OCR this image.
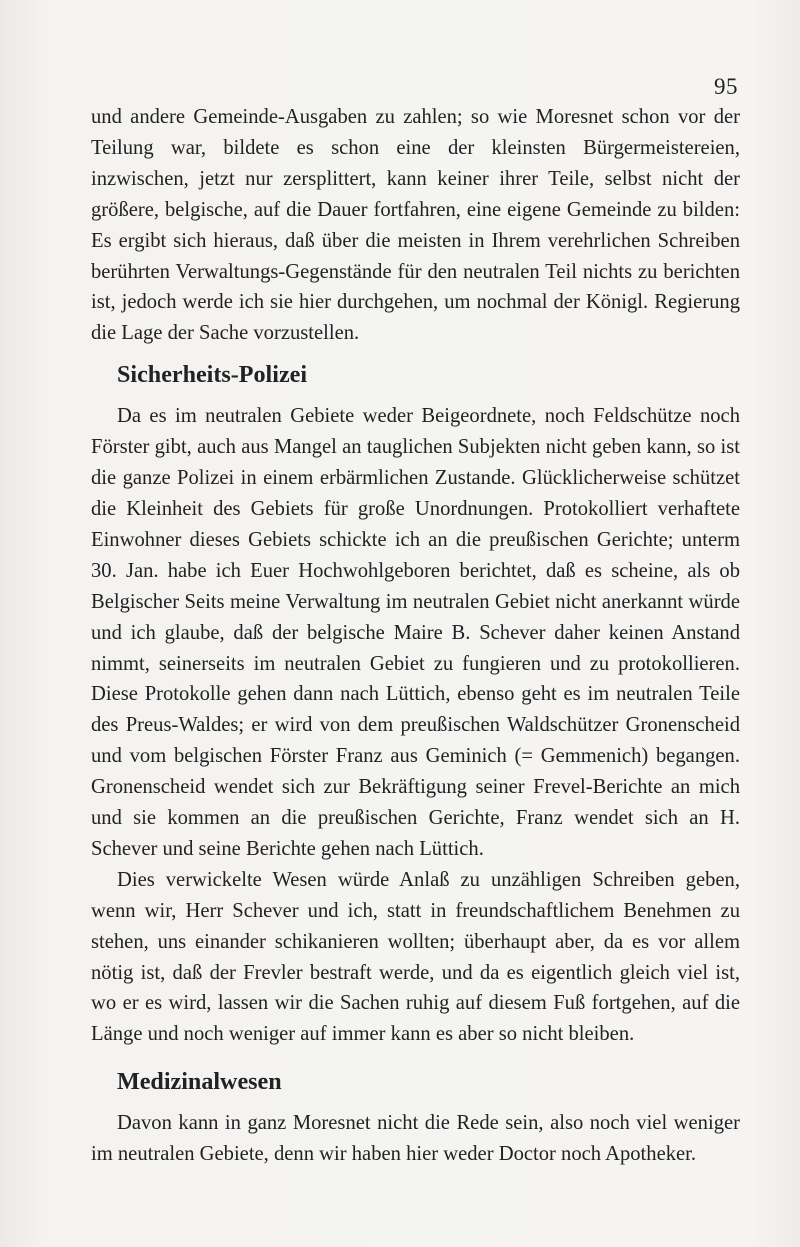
95

und andere Gemeinde-Ausgaben zu zahlen; so wie Moresnet schon vor der Teilung war, bildete es schon eine der kleinsten Bürgermeistereien, inzwischen, jetzt nur zersplittert, kann keiner ihrer Teile, selbst nicht der größere, belgische, auf die Dauer fortfahren, eine eigene Gemeinde zu bilden: Es ergibt sich hieraus, daß über die meisten in Ihrem verehrlichen Schreiben berührten Verwaltungs-Gegenstände für den neutralen Teil nichts zu berichten ist, jedoch werde ich sie hier durchgehen, um nochmal der Königl. Regierung die Lage der Sache vorzustellen.

Sicherheits-Polizei

Da es im neutralen Gebiete weder Beigeordnete, noch Feldschütze noch Förster gibt, auch aus Mangel an tauglichen Subjekten nicht geben kann, so ist die ganze Polizei in einem erbärmlichen Zustande. Glücklicherweise schützet die Kleinheit des Gebiets für große Unordnungen. Protokolliert verhaftete Einwohner dieses Gebiets schickte ich an die preußischen Gerichte; unterm 30. Jan. habe ich Euer Hochwohlgeboren berichtet, daß es scheine, als ob Belgischer Seits meine Verwaltung im neutralen Gebiet nicht anerkannt würde und ich glaube, daß der belgische Maire B. Schever daher keinen Anstand nimmt, seinerseits im neutralen Gebiet zu fungieren und zu protokollieren. Diese Protokolle gehen dann nach Lüttich, ebenso geht es im neutralen Teile des Preus-Waldes; er wird von dem preußischen Waldschützer Gronenscheid und vom belgischen Förster Franz aus Geminich (= Gemmenich) begangen. Gronenscheid wendet sich zur Bekräftigung seiner Frevel-Berichte an mich und sie kommen an die preußischen Gerichte, Franz wendet sich an H. Schever und seine Berichte gehen nach Lüttich.

Dies verwickelte Wesen würde Anlaß zu unzähligen Schreiben geben, wenn wir, Herr Schever und ich, statt in freundschaftlichem Benehmen zu stehen, uns einander schikanieren wollten; überhaupt aber, da es vor allem nötig ist, daß der Frevler bestraft werde, und da es eigentlich gleich viel ist, wo er es wird, lassen wir die Sachen ruhig auf diesem Fuß fortgehen, auf die Länge und noch weniger auf immer kann es aber so nicht bleiben.

Medizinalwesen

Davon kann in ganz Moresnet nicht die Rede sein, also noch viel weniger im neutralen Gebiete, denn wir haben hier weder Doctor noch Apotheker.
